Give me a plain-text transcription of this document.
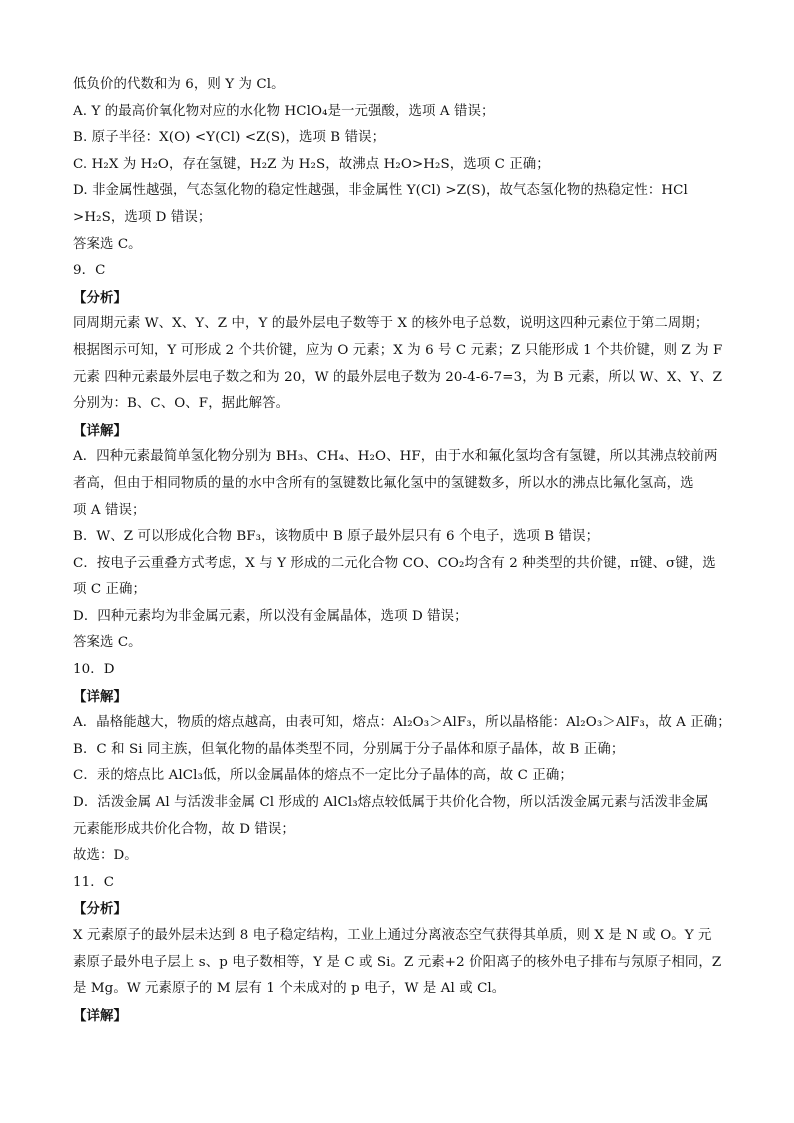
低负价的代数和为 6，则 Y 为 Cl。
A. Y 的最高价氧化物对应的水化物 HClO₄是一元强酸，选项 A 错误；
B. 原子半径：X(O) <Y(Cl) <Z(S)，选项 B 错误；
C. H₂X 为 H₂O，存在氢键，H₂Z 为 H₂S，故沸点 H₂O>H₂S，选项 C 正确；
D. 非金属性越强，气态氢化物的稳定性越强，非金属性 Y(Cl) >Z(S)，故气态氢化物的热稳定性：HCl
>H₂S，选项 D 错误；
答案选 C。
9．C
【分析】
同周期元素 W、X、Y、Z 中，Y 的最外层电子数等于 X 的核外电子总数，说明这四种元素位于第二周期；
根据图示可知，Y 可形成 2 个共价键，应为 O 元素；X 为 6 号 C 元素；Z 只能形成 1 个共价键，则 Z 为 F
元素 四种元素最外层电子数之和为 20，W 的最外层电子数为 20-4-6-7=3，为 B 元素，所以 W、X、Y、Z
分别为：B、C、O、F，据此解答。
【详解】
A．四种元素最简单氢化物分别为 BH₃、CH₄、H₂O、HF，由于水和氟化氢均含有氢键，所以其沸点较前两
者高，但由于相同物质的量的水中含所有的氢键数比氟化氢中的氢键数多，所以水的沸点比氟化氢高，选
项 A 错误；
B．W、Z 可以形成化合物 BF₃，该物质中 B 原子最外层只有 6 个电子，选项 B 错误；
C．按电子云重叠方式考虑，X 与 Y 形成的二元化合物 CO、CO₂均含有 2 种类型的共价键，π键、σ键，选
项 C 正确；
D．四种元素均为非金属元素，所以没有金属晶体，选项 D 错误；
答案选 C。
10．D
【详解】
A．晶格能越大，物质的熔点越高，由表可知，熔点：Al₂O₃＞AlF₃，所以晶格能：Al₂O₃＞AlF₃，故 A 正确；
B．C 和 Si 同主族，但氧化物的晶体类型不同，分别属于分子晶体和原子晶体，故 B 正确；
C．汞的熔点比 AlCl₃低，所以金属晶体的熔点不一定比分子晶体的高，故 C 正确；
D．活泼金属 Al 与活泼非金属 Cl 形成的 AlCl₃熔点较低属于共价化合物，所以活泼金属元素与活泼非金属
元素能形成共价化合物，故 D 错误；
故选：D。
11．C
【分析】
X 元素原子的最外层未达到 8 电子稳定结构，工业上通过分离液态空气获得其单质，则 X 是 N 或 O。Y 元
素原子最外电子层上 s、p 电子数相等，Y 是 C 或 Si。Z 元素+2 价阳离子的核外电子排布与氖原子相同，Z
是 Mg。W 元素原子的 M 层有 1 个未成对的 p 电子，W 是 Al 或 Cl。
【详解】
